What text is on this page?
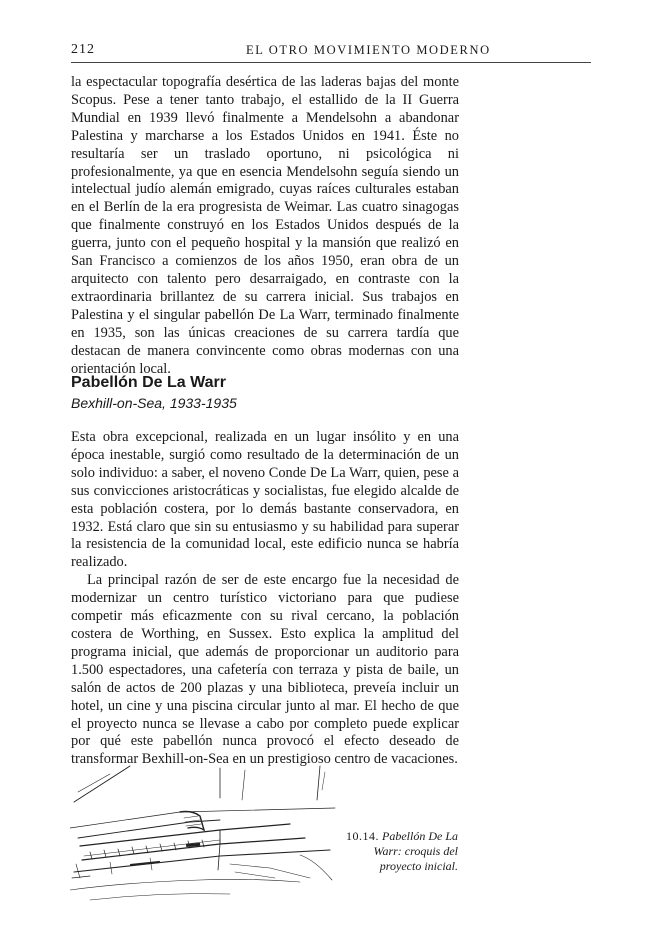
212	EL OTRO MOVIMIENTO MODERNO

la espectacular topografía desértica de las laderas bajas del monte Scopus. Pese a tener tanto trabajo, el estallido de la II Guerra Mundial en 1939 llevó finalmente a Mendelsohn a abandonar Palestina y marcharse a los Estados Unidos en 1941. Éste no resultaría ser un traslado oportuno, ni psicológica ni profesionalmente, ya que en esencia Mendelsohn seguía siendo un intelectual judío alemán emigrado, cuyas raíces culturales estaban en el Berlín de la era progresista de Weimar. Las cuatro sinagogas que finalmente construyó en los Estados Unidos después de la guerra, junto con el pequeño hospital y la mansión que realizó en San Francisco a comienzos de los años 1950, eran obra de un arquitecto con talento pero desarraigado, en contraste con la extraordinaria brillantez de su carrera inicial. Sus trabajos en Palestina y el singular pabellón De La Warr, terminado finalmente en 1935, son las únicas creaciones de su carrera tardía que destacan de manera convincente como obras modernas con una orientación local.

Pabellón De La Warr
Bexhill-on-Sea, 1933-1935

Esta obra excepcional, realizada en un lugar insólito y en una época inestable, surgió como resultado de la determinación de un solo individuo: a saber, el noveno Conde De La Warr, quien, pese a sus convicciones aristocráticas y socialistas, fue elegido alcalde de esta población costera, por lo demás bastante conservadora, en 1932. Está claro que sin su entusiasmo y su habilidad para superar la resistencia de la comunidad local, este edificio nunca se habría realizado.

La principal razón de ser de este encargo fue la necesidad de modernizar un centro turístico victoriano para que pudiese competir más eficazmente con su rival cercano, la población costera de Worthing, en Sussex. Esto explica la amplitud del programa inicial, que además de proporcionar un auditorio para 1.500 espectadores, una cafetería con terraza y pista de baile, un salón de actos de 200 plazas y una biblioteca, preveía incluir un hotel, un cine y una piscina circular junto al mar. El hecho de que el proyecto nunca se llevase a cabo por completo puede explicar por qué este pabellón nunca provocó el efecto deseado de transformar Bexhill-on-Sea en un prestigioso centro de vacaciones.

10.14. Pabellón De La Warr: croquis del proyecto inicial.
